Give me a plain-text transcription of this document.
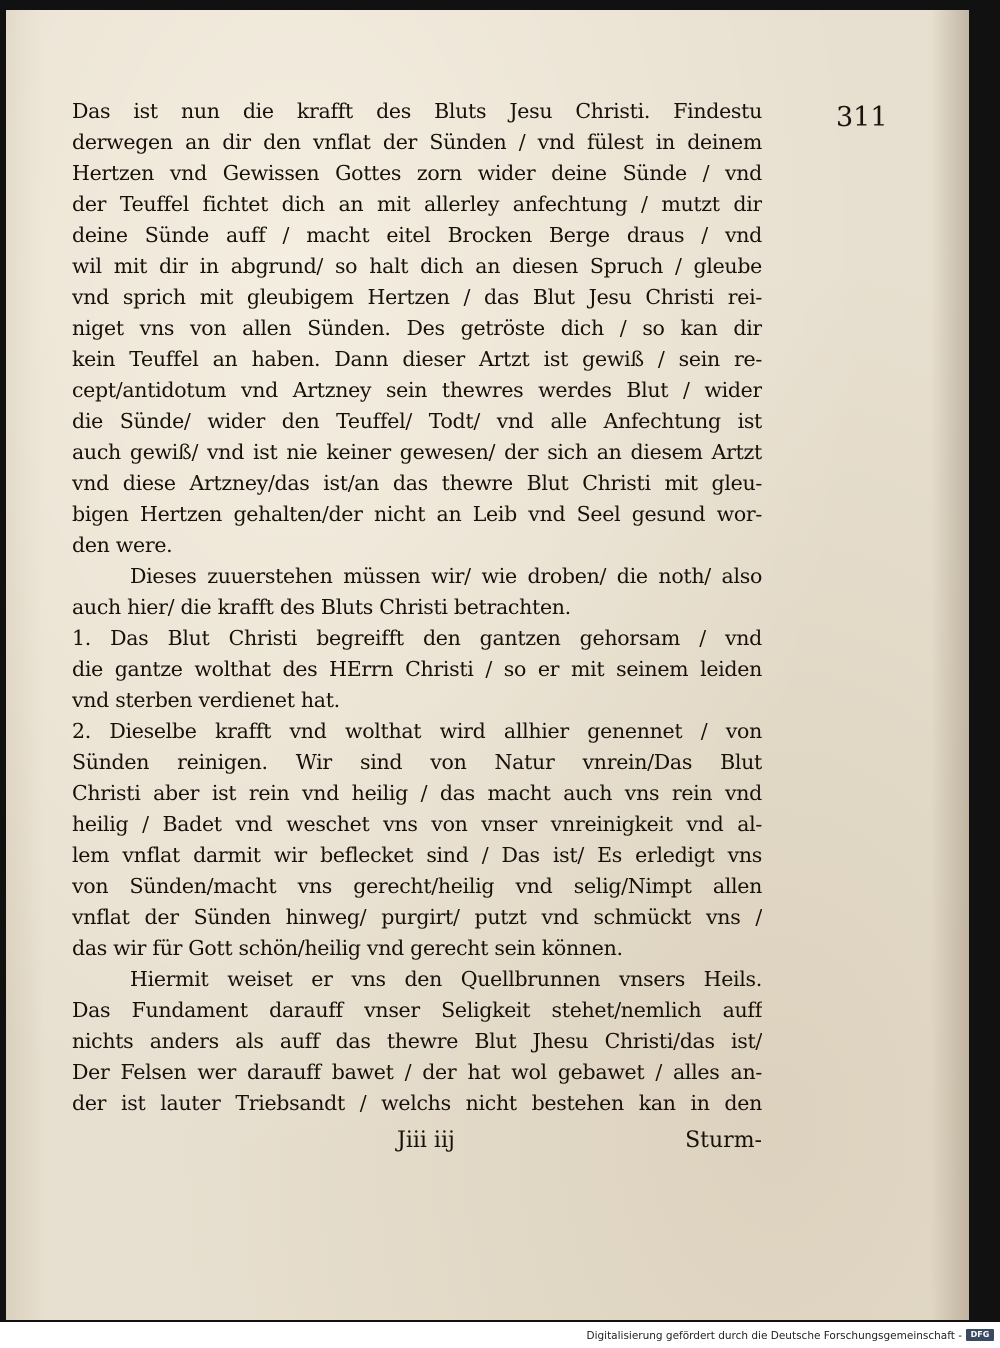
311
Das ist nun die krafft des Bluts Jesu Christi. Findestu
derwegen an dir den vnflat der Sünden / vnd fülest in deinem
Hertzen vnd Gewissen Gottes zorn wider deine Sünde / vnd
der Teuffel fichtet dich an mit allerley anfechtung / mutzt dir
deine Sünde auff / macht eitel Brocken Berge draus / vnd
wil mit dir in abgrund/ so halt dich an diesen Spruch / gleube
vnd sprich mit gleubigem Hertzen / das Blut Jesu Christi rei-
niget vns von allen Sünden. Des getröste dich / so kan dir
kein Teuffel an haben. Dann dieser Artzt ist gewiß / sein re-
cept/antidotum vnd Artzney sein thewres werdes Blut / wider
die Sünde/ wider den Teuffel/ Todt/ vnd alle Anfechtung ist
auch gewiß/ vnd ist nie keiner gewesen/ der sich an diesem Artzt
vnd diese Artzney/das ist/an das thewre Blut Christi mit gleu-
bigen Hertzen gehalten/der nicht an Leib vnd Seel gesund wor-
den were.
Dieses zuuerstehen müssen wir/ wie droben/ die noth/ also
auch hier/ die krafft des Bluts Christi betrachten.
1. Das Blut Christi begreifft den gantzen gehorsam / vnd
die gantze wolthat des HErrn Christi / so er mit seinem leiden
vnd sterben verdienet hat.
2. Dieselbe krafft vnd wolthat wird allhier genennet / von
Sünden reinigen. Wir sind von Natur vnrein/Das Blut
Christi aber ist rein vnd heilig / das macht auch vns rein vnd
heilig / Badet vnd weschet vns von vnser vnreinigkeit vnd al-
lem vnflat darmit wir beflecket sind / Das ist/ Es erledigt vns
von Sünden/macht vns gerecht/heilig vnd selig/Nimpt allen
vnflat der Sünden hinweg/ purgirt/ putzt vnd schmückt vns /
das wir für Gott schön/heilig vnd gerecht sein können.
Hiermit weiset er vns den Quellbrunnen vnsers Heils.
Das Fundament darauff vnser Seligkeit stehet/nemlich auff
nichts anders als auff das thewre Blut Jhesu Christi/das ist/
Der Felsen wer darauff bawet / der hat wol gebawet / alles an-
der ist lauter Triebsandt / welchs nicht bestehen kan in den
Jiii iij	Sturm-
Digitalisierung gefördert durch die Deutsche Forschungsgemeinschaft -	DFG
